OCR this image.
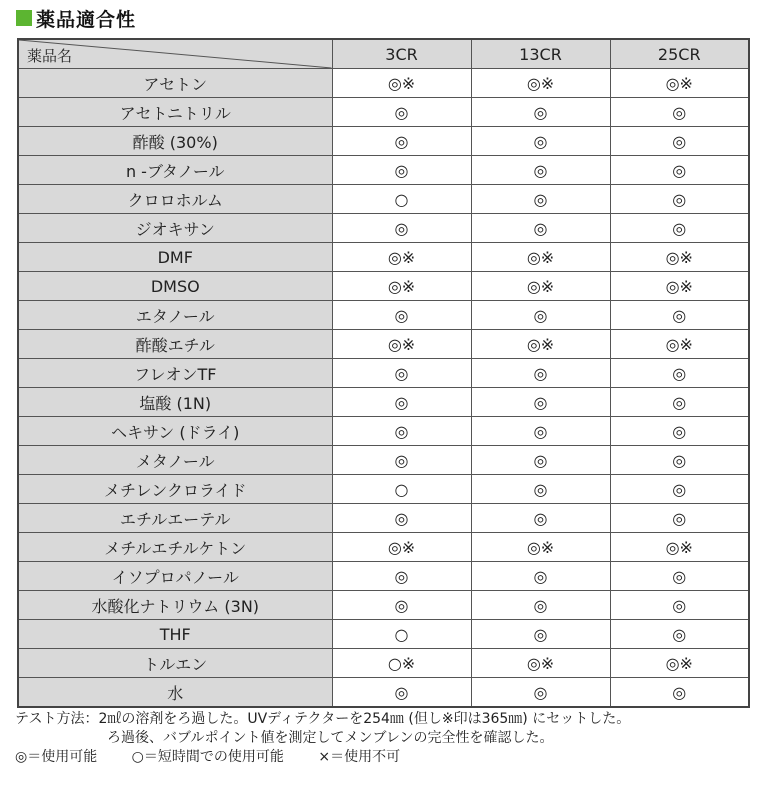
薬品適合性
薬品名	3CR	13CR	25CR
アセトン	◎※	◎※	◎※
アセトニトリル	◎	◎	◎
酢酸 (30%)	◎	◎	◎
n -ブタノール	◎	◎	◎
クロロホルム	○	◎	◎
ジオキサン	◎	◎	◎
DMF	◎※	◎※	◎※
DMSO	◎※	◎※	◎※
エタノール	◎	◎	◎
酢酸エチル	◎※	◎※	◎※
フレオンTF	◎	◎	◎
塩酸 (1N)	◎	◎	◎
ヘキサン (ドライ)	◎	◎	◎
メタノール	◎	◎	◎
メチレンクロライド	○	◎	◎
エチルエーテル	◎	◎	◎
メチルエチルケトン	◎※	◎※	◎※
イソプロパノール	◎	◎	◎
水酸化ナトリウム (3N)	◎	◎	◎
THF	○	◎	◎
トルエン	○※	◎※	◎※
水	◎	◎	◎
テスト方法：2㎖の溶剤をろ過した。UVディテクターを254㎚ (但し※印は365㎚) にセットした。
ろ過後、バブルポイント値を測定してメンブレンの完全性を確認した。
◎＝使用可能 ○＝短時間での使用可能 ×＝使用不可
